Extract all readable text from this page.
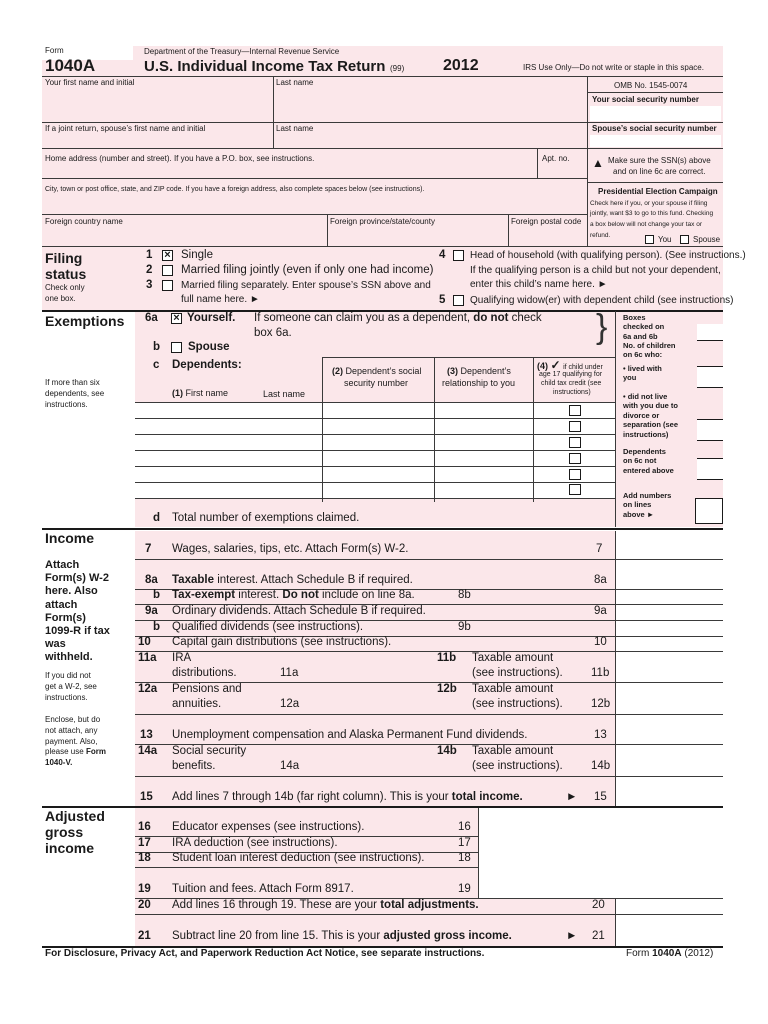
Form
1040A
Department of the Treasury—Internal Revenue Service
U.S. Individual Income Tax Return (99) 2012	IRS Use Only—Do not write or staple in this space.
Your first name and initial	Last name	OMB No. 1545-0074
Your social security number
If a joint return, spouse’s first name and initial	Last name	Spouse’s social security number
Home address (number and street). If you have a P.O. box, see instructions.	Apt. no. ▲ Make sure the SSN(s) above
and on line 6c are correct.
City, town or post office, state, and ZIP code. If you have a foreign address, also complete spaces below (see instructions).
Foreign country name	Foreign province/state/county	Foreign postal code
Presidential Election Campaign
Check here if you, or your spouse if filing
jointly, want $3 to go to this fund. Checking
a box below will not change your tax or
refund.	You	Spouse
Filing
status
Check only
one box.
1 × Single
2 Married filing jointly (even if only one had income)
3	Married filing separately. Enter spouse’s SSN above and
full name here. ►
4 Head of household (with qualifying person). (See instructions.)
If the qualifying person is a child but not your dependent,
enter this child’s name here. ►
5 Qualifying widow(er) with dependent child (see instructions)
Exemptions
If more than six
dependents, see
instructions.
6a × Yourself. If someone can claim you as a dependent, do not check
box 6a.	}
b Spouse
c Dependents:
(1) First name	Last name
(2) Dependent’s social
security number
(3) Dependent’s
relationship to you
(4) ✓ if child under
age 17 qualifying for
child tax credit (see
instructions)
d Total number of exemptions claimed.
Boxes
checked on
6a and 6b
No. of children
on 6c who:
• lived with
you
• did not live
with you due to
divorce or
separation (see
instructions)
Dependents
on 6c not
entered above
Add numbers
on lines
above ►
Income
Attach
Form(s) W-2
here. Also
attach
Form(s)
1099-R if tax
was
withheld.
If you did not
get a W-2, see
instructions.
Enclose, but do
not attach, any
payment. Also,
please use Form
1040-V.
7 Wages, salaries, tips, etc. Attach Form(s) W-2.	7
8a Taxable interest. Attach Schedule B if required.	8a
b Tax-exempt interest. Do not include on line 8a.	8b
9a Ordinary dividends. Attach Schedule B if required.	9a
b Qualified dividends (see instructions).	9b
10 Capital gain distributions (see instructions).	10
11a IRA
distributions.	11a
11b Taxable amount
(see instructions). 11b
12a Pensions and
annuities.	12a
12b Taxable amount
(see instructions). 12b
13 Unemployment compensation and Alaska Permanent Fund dividends.	13
14a Social security
benefits.	14a
14b Taxable amount
(see instructions). 14b
15 Add lines 7 through 14b (far right column). This is your total income.	► 15
Adjusted
gross
income
16 Educator expenses (see instructions).	16
17 IRA deduction (see instructions).	17
18 Student loan interest deduction (see instructions).	18
19 Tuition and fees. Attach Form 8917.	19
20 Add lines 16 through 19. These are your total adjustments.	20
21 Subtract line 20 from line 15. This is your adjusted gross income.	► 21
For Disclosure, Privacy Act, and Paperwork Reduction Act Notice, see separate instructions.	Form 1040A (2012)
